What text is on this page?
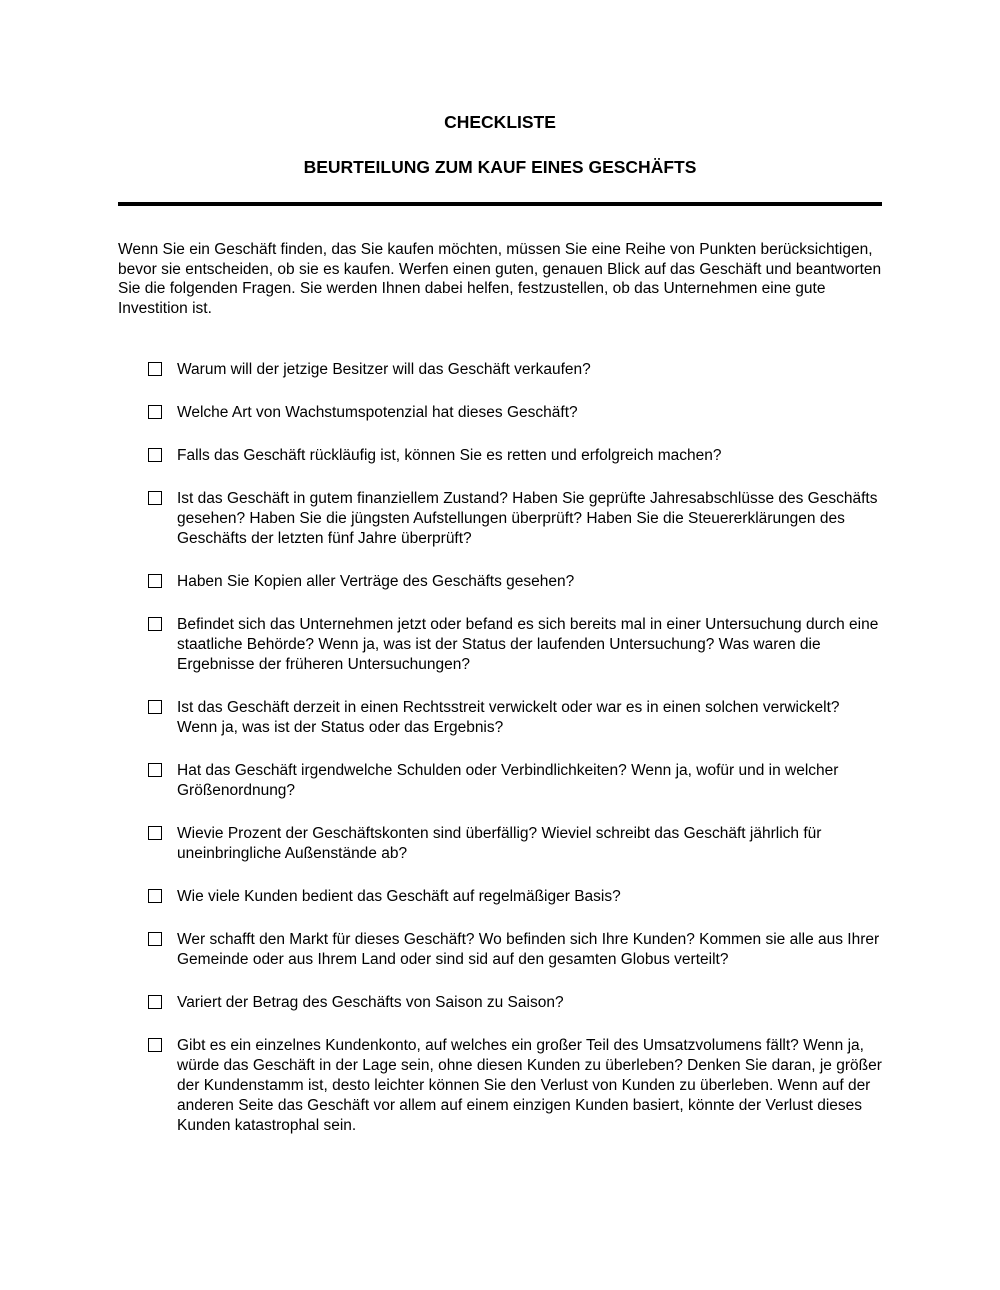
CHECKLISTE
BEURTEILUNG ZUM KAUF EINES GESCHÄFTS
Wenn Sie ein Geschäft finden, das Sie kaufen möchten, müssen Sie eine Reihe von Punkten berücksichtigen, bevor sie entscheiden, ob sie es kaufen. Werfen einen guten, genauen Blick auf das Geschäft und beantworten Sie die folgenden Fragen. Sie werden Ihnen dabei helfen, festzustellen, ob das Unternehmen eine gute Investition ist.
Warum will der jetzige Besitzer will das Geschäft verkaufen?
Welche Art von Wachstumspotenzial hat dieses Geschäft?
Falls das Geschäft rückläufig ist, können Sie es retten und erfolgreich machen?
Ist das Geschäft in gutem finanziellem Zustand? Haben Sie geprüfte Jahresabschlüsse des Geschäfts gesehen? Haben Sie die jüngsten Aufstellungen überprüft? Haben Sie die Steuererklärungen des Geschäfts der letzten fünf Jahre überprüft?
Haben Sie Kopien aller Verträge des Geschäfts gesehen?
Befindet sich das Unternehmen jetzt oder befand es sich bereits mal in einer Untersuchung durch eine staatliche Behörde? Wenn ja, was ist der Status der laufenden Untersuchung? Was waren die Ergebnisse der früheren Untersuchungen?
Ist das Geschäft derzeit in einen Rechtsstreit verwickelt oder war es in einen solchen verwickelt? Wenn ja, was ist der Status oder das Ergebnis?
Hat das Geschäft irgendwelche Schulden oder Verbindlichkeiten? Wenn ja, wofür und in welcher Größenordnung?
Wievie Prozent der Geschäftskonten sind überfällig? Wieviel schreibt das Geschäft jährlich für uneinbringliche Außenstände ab?
Wie viele Kunden bedient das Geschäft auf regelmäßiger Basis?
Wer schafft den Markt für dieses Geschäft? Wo befinden sich Ihre Kunden? Kommen sie alle aus Ihrer Gemeinde oder aus Ihrem Land oder sind sid auf den gesamten Globus verteilt?
Variert der Betrag des Geschäfts von Saison zu Saison?
Gibt es ein einzelnes Kundenkonto, auf welches ein großer Teil des Umsatzvolumens fällt? Wenn ja, würde das Geschäft in der Lage sein, ohne diesen Kunden zu überleben? Denken Sie daran, je größer der Kundenstamm ist, desto leichter können Sie den Verlust von Kunden zu überleben. Wenn auf der anderen Seite das Geschäft vor allem auf einem einzigen Kunden basiert, könnte der Verlust dieses Kunden katastrophal sein.
